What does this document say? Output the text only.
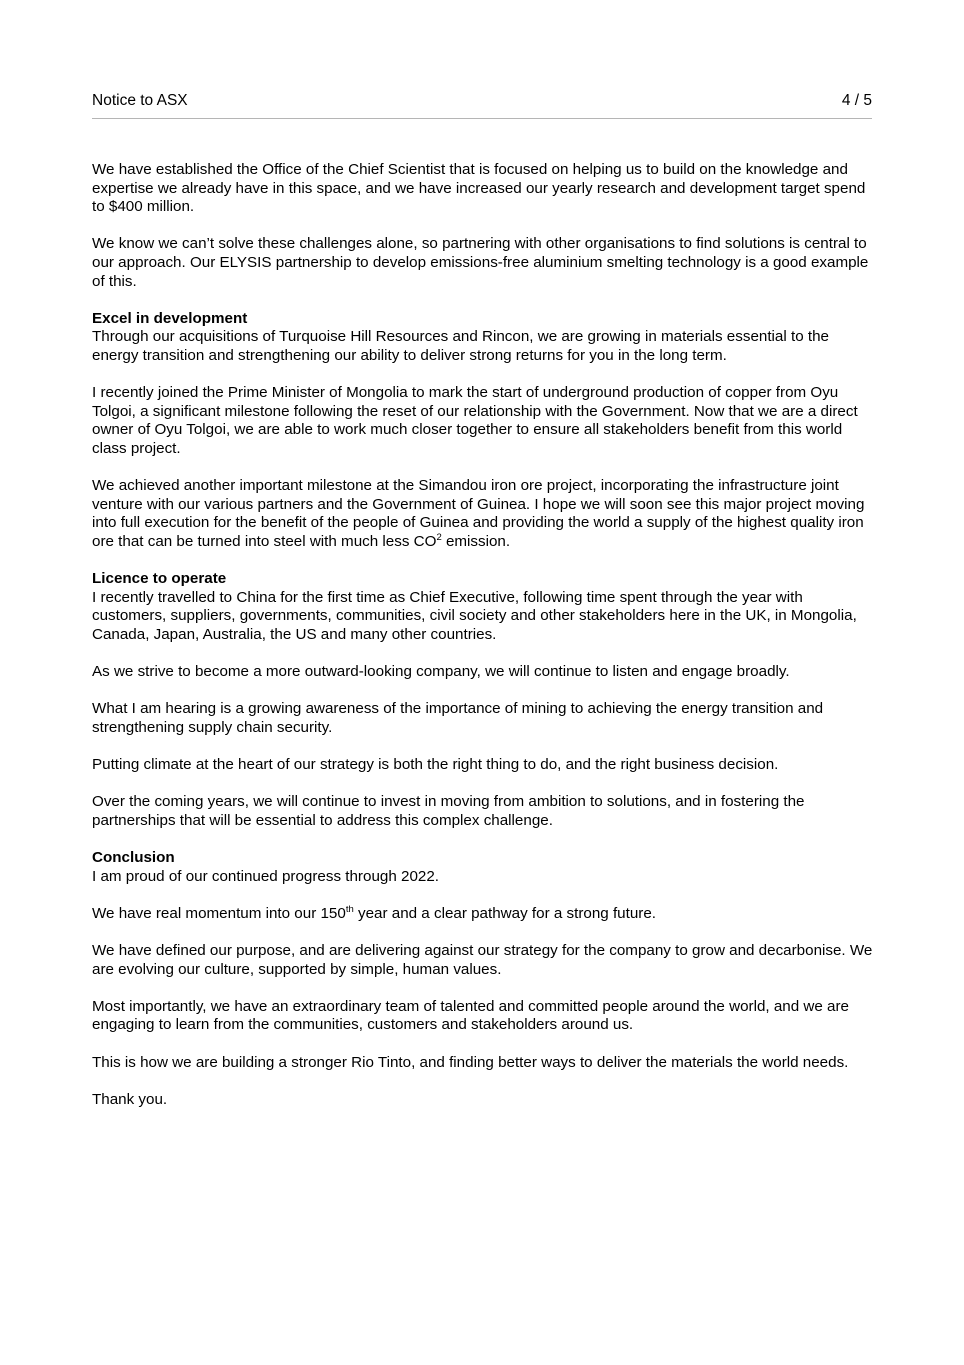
Notice to ASX	4 / 5

We have established the Office of the Chief Scientist that is focused on helping us to build on the knowledge and expertise we already have in this space, and we have increased our yearly research and development target spend to $400 million.

We know we can’t solve these challenges alone, so partnering with other organisations to find solutions is central to our approach. Our ELYSIS partnership to develop emissions-free aluminium smelting technology is a good example of this.

Excel in development

Through our acquisitions of Turquoise Hill Resources and Rincon, we are growing in materials essential to the energy transition and strengthening our ability to deliver strong returns for you in the long term.

I recently joined the Prime Minister of Mongolia to mark the start of underground production of copper from Oyu Tolgoi, a significant milestone following the reset of our relationship with the Government. Now that we are a direct owner of Oyu Tolgoi, we are able to work much closer together to ensure all stakeholders benefit from this world class project.

We achieved another important milestone at the Simandou iron ore project, incorporating the infrastructure joint venture with our various partners and the Government of Guinea. I hope we will soon see this major project moving into full execution for the benefit of the people of Guinea and providing the world a supply of the highest quality iron ore that can be turned into steel with much less $CO^2$ emission.

Licence to operate

I recently travelled to China for the first time as Chief Executive, following time spent through the year with customers, suppliers, governments, communities, civil society and other stakeholders here in the UK, in Mongolia, Canada, Japan, Australia, the US and many other countries.

As we strive to become a more outward-looking company, we will continue to listen and engage broadly.

What I am hearing is a growing awareness of the importance of mining to achieving the energy transition and strengthening supply chain security.

Putting climate at the heart of our strategy is both the right thing to do, and the right business decision.

Over the coming years, we will continue to invest in moving from ambition to solutions, and in fostering the partnerships that will be essential to address this complex challenge.

Conclusion

I am proud of our continued progress through 2022.

We have real momentum into our 150th year and a clear pathway for a strong future.

We have defined our purpose, and are delivering against our strategy for the company to grow and decarbonise. We are evolving our culture, supported by simple, human values.

Most importantly, we have an extraordinary team of talented and committed people around the world, and we are engaging to learn from the communities, customers and stakeholders around us.

This is how we are building a stronger Rio Tinto, and finding better ways to deliver the materials the world needs.

Thank you.
